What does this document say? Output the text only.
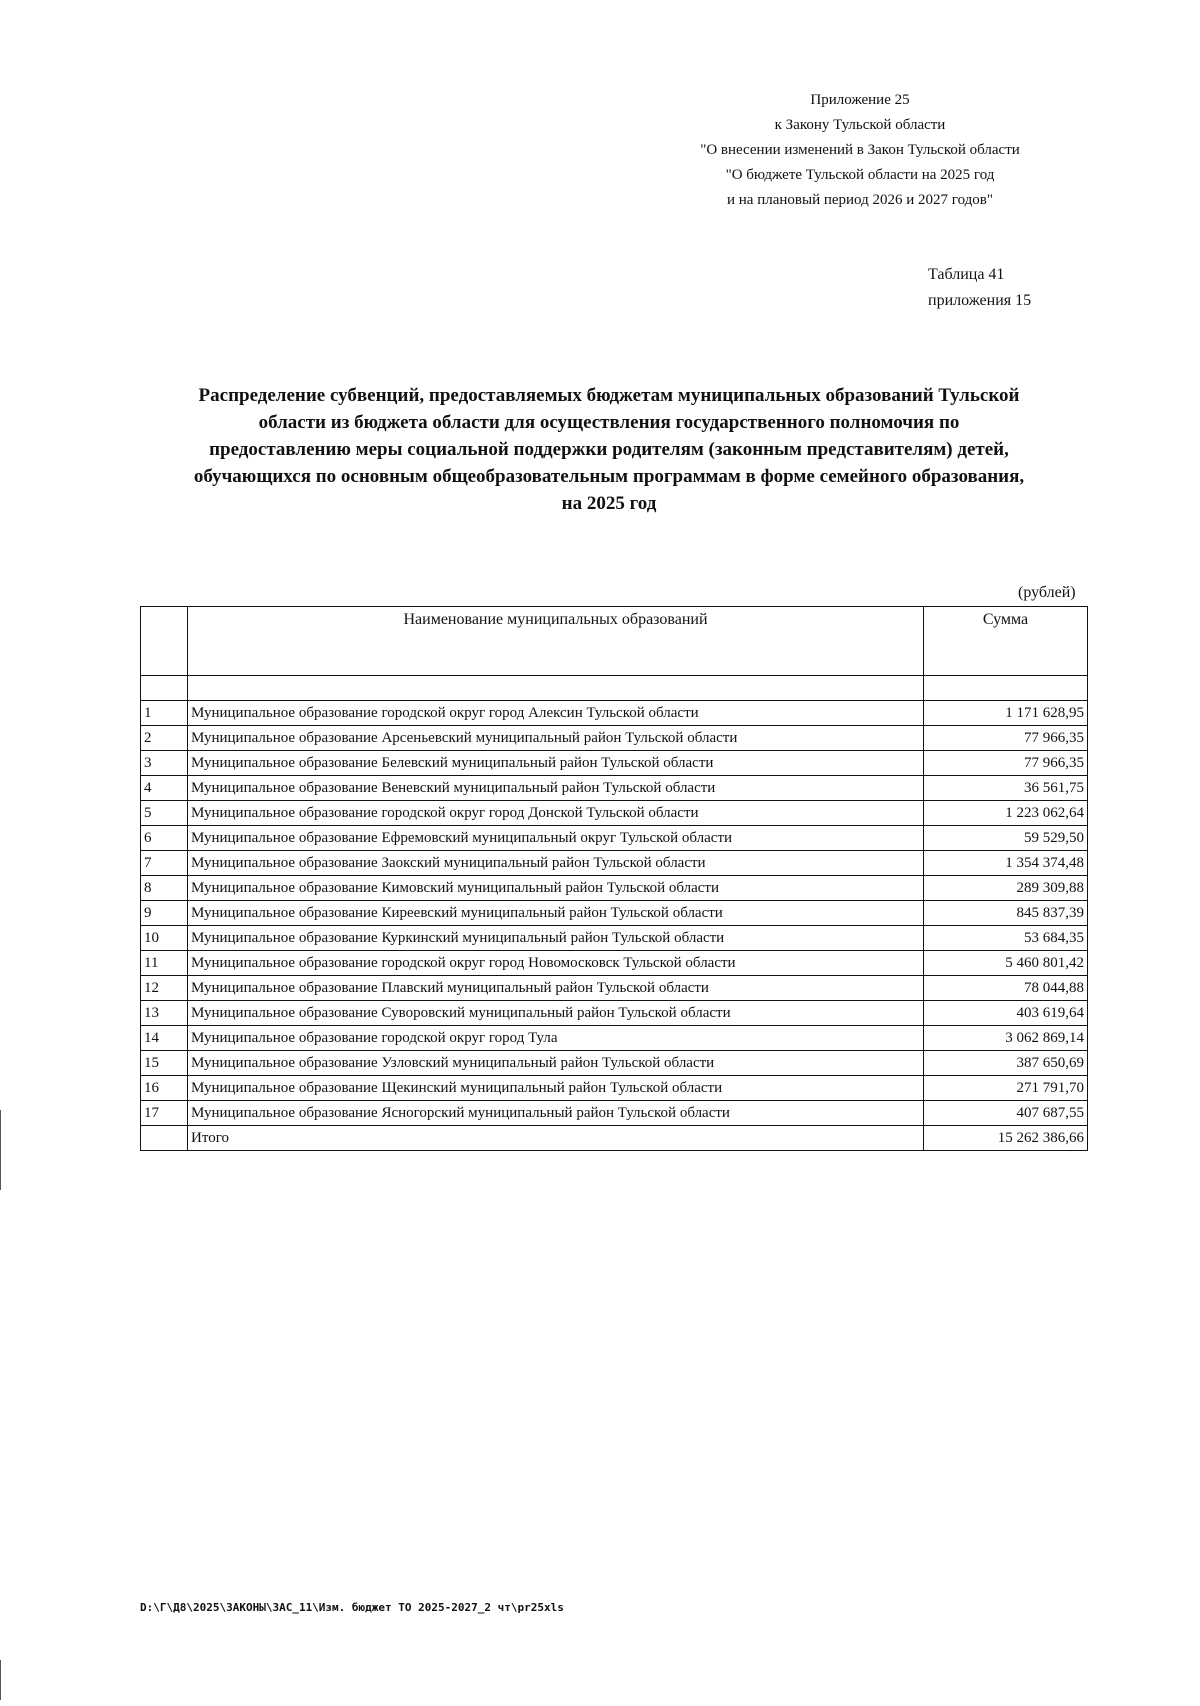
Приложение 25
к Закону Тульской области
"О внесении изменений в Закон Тульской области
"О бюджете Тульской области на 2025 год
и на плановый период 2026 и 2027 годов"
Таблица 41
приложения 15
Распределение субвенций, предоставляемых бюджетам муниципальных образований Тульской
области из бюджета области для осуществления государственного полномочия по
предоставлению меры социальной поддержки родителям (законным представителям) детей,
обучающихся по основным общеобразовательным программам в форме семейного образования,
на 2025 год
(рублей)
	Наименование муниципальных образований	Сумма

1	Муниципальное образование городской округ город Алексин Тульской области	1 171 628,95
2	Муниципальное образование Арсеньевский муниципальный район Тульской области	77 966,35
3	Муниципальное образование Белевский муниципальный район Тульской области	77 966,35
4	Муниципальное образование Веневский муниципальный район Тульской области	36 561,75
5	Муниципальное образование городской округ город Донской Тульской области	1 223 062,64
6	Муниципальное образование Ефремовский муниципальный округ Тульской области	59 529,50
7	Муниципальное образование Заокский муниципальный район Тульской области	1 354 374,48
8	Муниципальное образование Кимовский муниципальный район Тульской области	289 309,88
9	Муниципальное образование Киреевский муниципальный район Тульской области	845 837,39
10	Муниципальное образование Куркинский муниципальный район Тульской области	53 684,35
11	Муниципальное образование городской округ город Новомосковск Тульской области	5 460 801,42
12	Муниципальное образование Плавский муниципальный район Тульской области	78 044,88
13	Муниципальное образование Суворовский муниципальный район Тульской области	403 619,64
14	Муниципальное образование городской округ город Тула	3 062 869,14
15	Муниципальное образование Узловский муниципальный район Тульской области	387 650,69
16	Муниципальное образование Щекинский муниципальный район Тульской области	271 791,70
17	Муниципальное образование Ясногорский муниципальный район Тульской области	407 687,55
	Итого	15 262 386,66
D:\Г\Д8\2025\ЗАКОНЫ\ЗАС_11\Изм. бюджет ТО 2025-2027_2 чт\pr25xls
